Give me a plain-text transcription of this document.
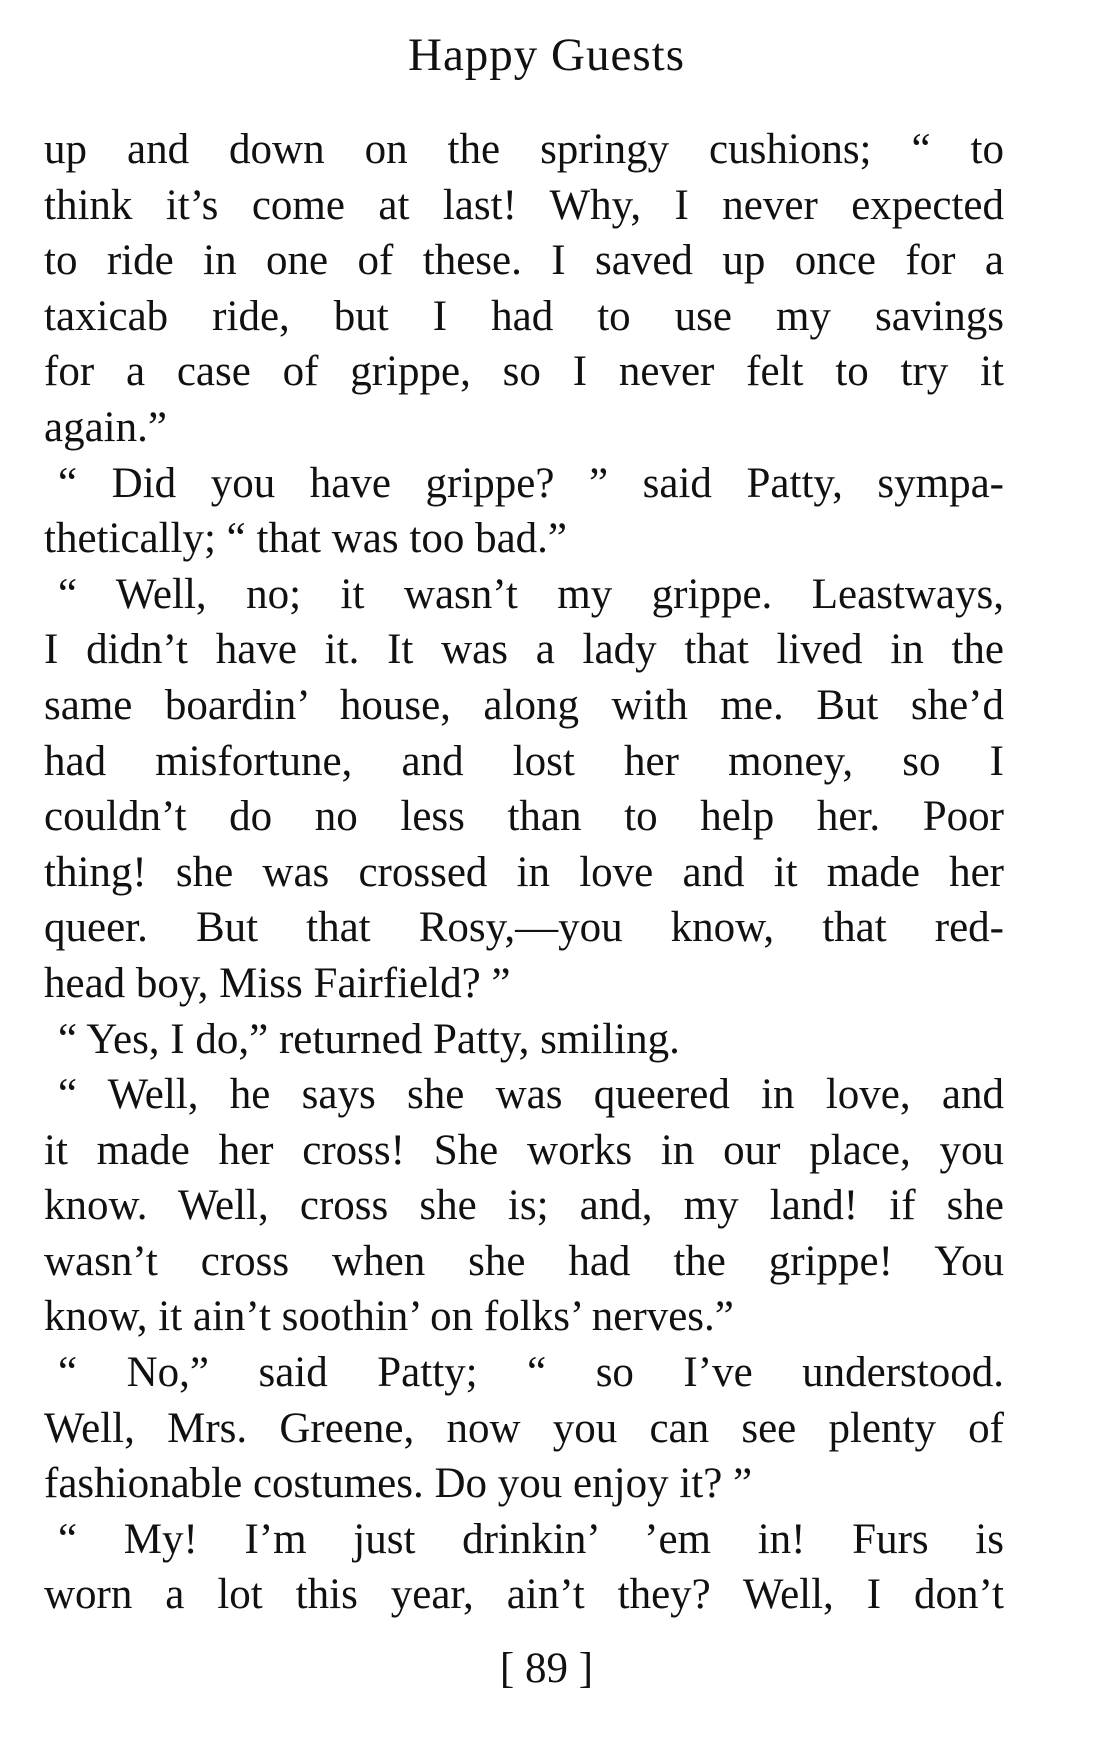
Happy Guests
up and down on the springy cushions; “ to
think it’s come at last! Why, I never expected
to ride in one of these. I saved up once for a
taxicab ride, but I had to use my savings
for a case of grippe, so I never felt to try it
again.”
“ Did you have grippe? ” said Patty, sympa-
thetically; “ that was too bad.”
“ Well, no; it wasn’t my grippe. Leastways,
I didn’t have it. It was a lady that lived in the
same boardin’ house, along with me. But she’d
had misfortune, and lost her money, so I
couldn’t do no less than to help her. Poor
thing! she was crossed in love and it made her
queer. But that Rosy,—you know, that red-
head boy, Miss Fairfield? ”
“ Yes, I do,” returned Patty, smiling.
“ Well, he says she was queered in love, and
it made her cross! She works in our place, you
know. Well, cross she is; and, my land! if she
wasn’t cross when she had the grippe! You
know, it ain’t soothin’ on folks’ nerves.”
“ No,” said Patty; “ so I’ve understood.
Well, Mrs. Greene, now you can see plenty of
fashionable costumes. Do you enjoy it? ”
“ My! I’m just drinkin’ ’em in! Furs is
worn a lot this year, ain’t they? Well, I don’t
[ 89 ]
